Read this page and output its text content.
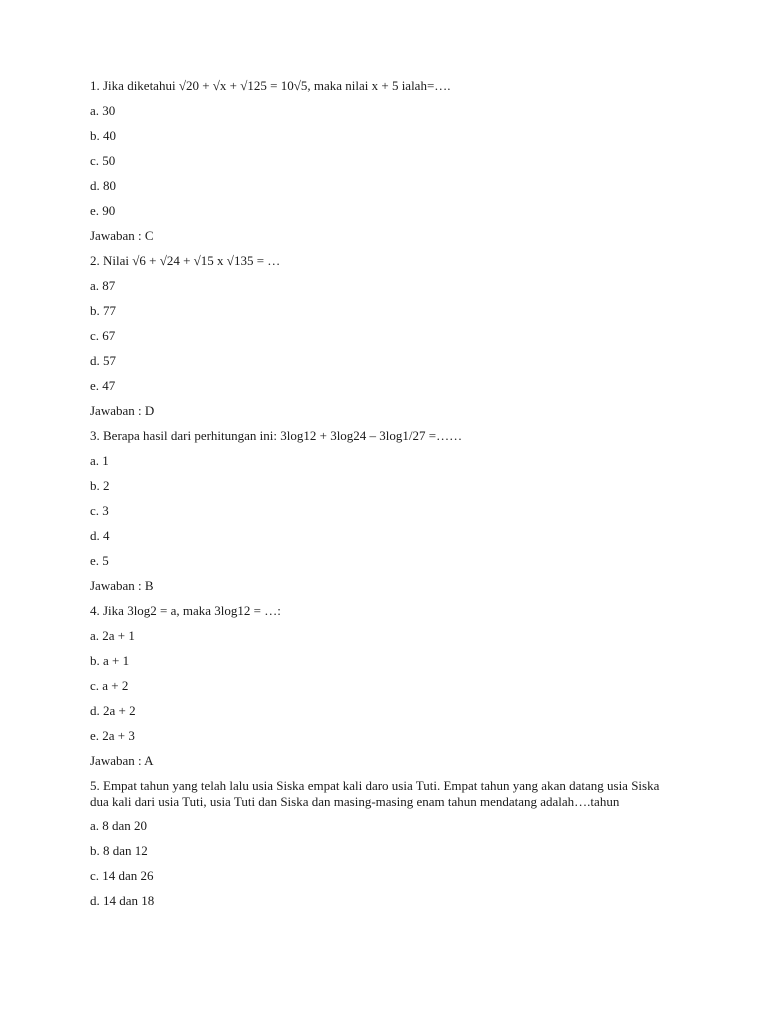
1. Jika diketahui √20 + √x + √125 = 10√5, maka nilai x + 5 ialah=….
a. 30
b. 40
c. 50
d. 80
e. 90
Jawaban : C
2. Nilai √6 + √24 + √15 x √135 = …
a. 87
b. 77
c. 67
d. 57
e. 47
Jawaban : D
3. Berapa hasil dari perhitungan ini: 3log12 + 3log24 – 3log1/27 =……
a. 1
b. 2
c. 3
d. 4
e. 5
Jawaban : B
4. Jika 3log2 = a, maka 3log12 = …:
a. 2a + 1
b. a + 1
c. a + 2
d. 2a + 2
e. 2a + 3
Jawaban : A
5. Empat tahun yang telah lalu usia Siska empat kali daro usia Tuti. Empat tahun yang akan datang usia Siska dua kali dari usia Tuti, usia Tuti dan Siska dan masing-masing enam tahun mendatang adalah….tahun
a. 8 dan 20
b. 8 dan 12
c. 14 dan 26
d. 14 dan 18
